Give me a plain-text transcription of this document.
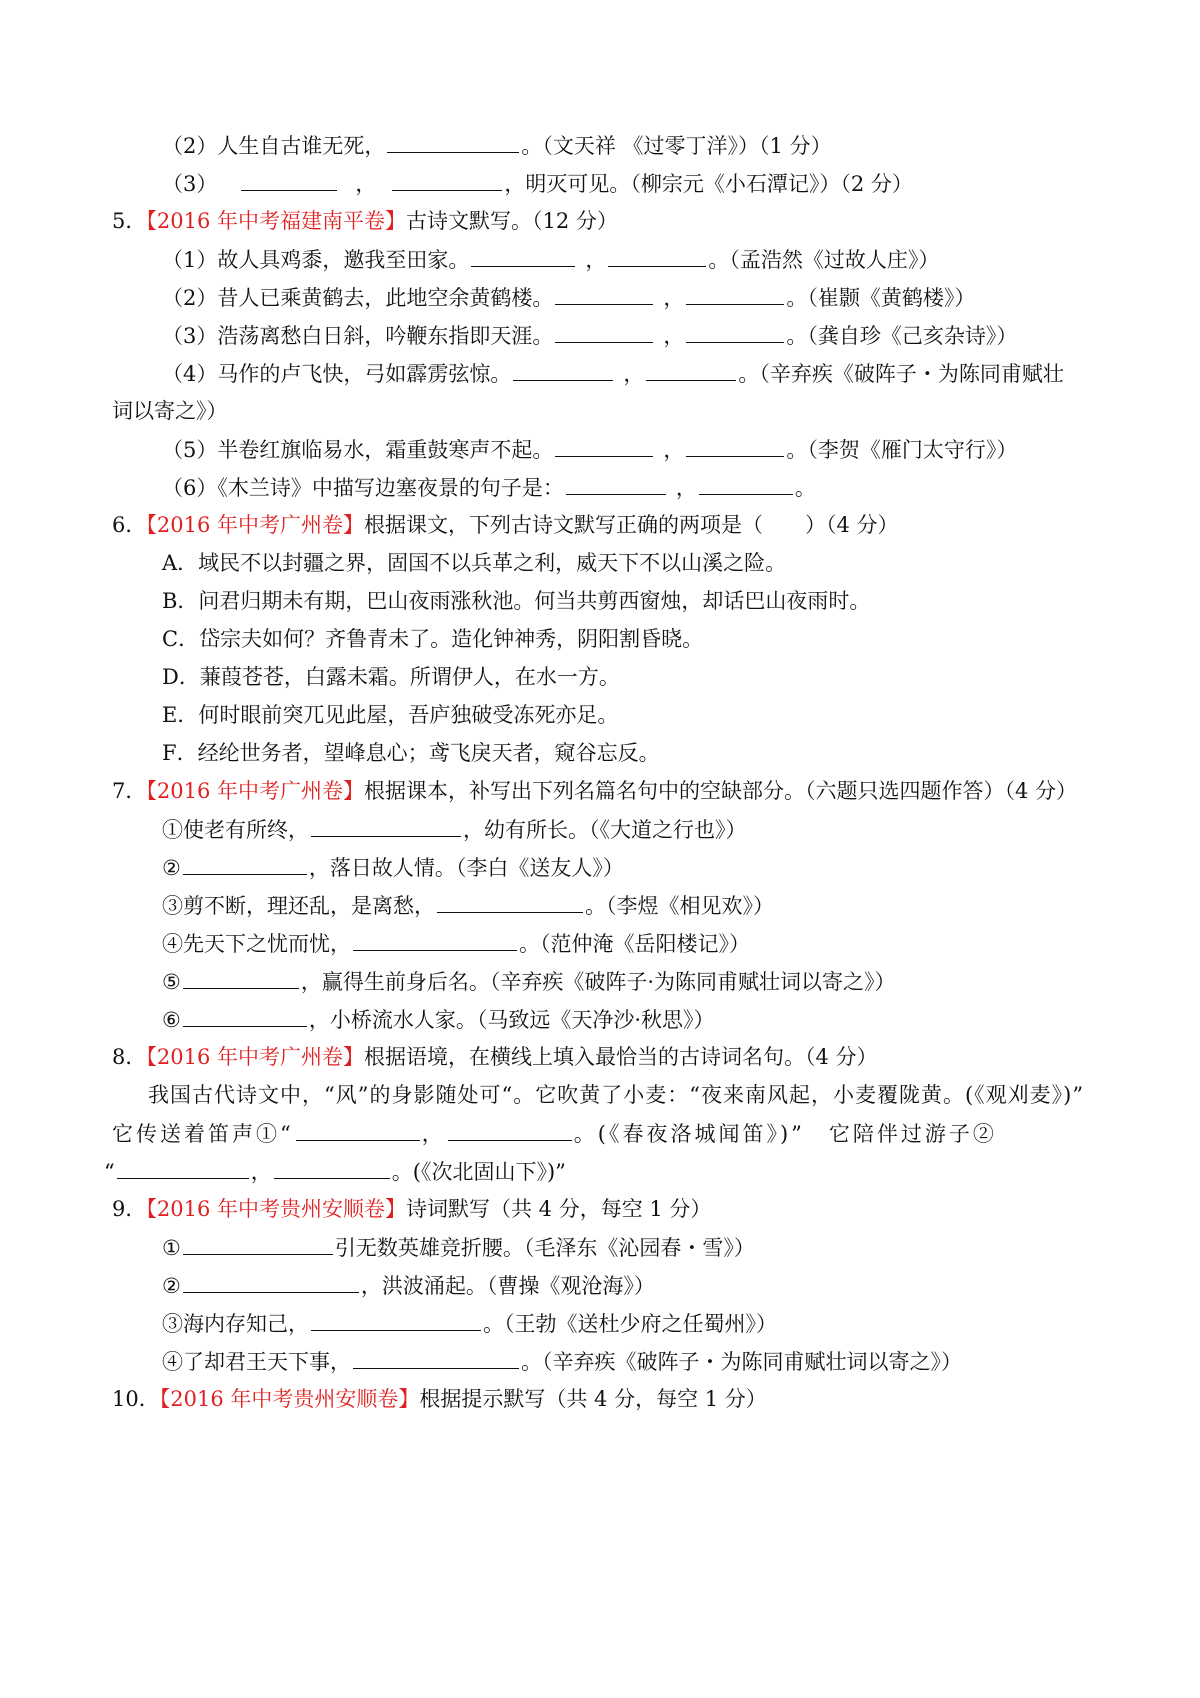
（2）人生自古谁无死，	。（文天祥 《过零丁洋》）（1 分）
（3）	，	，明灭可见。（柳宗元《小石潭记》）（2 分）
5．【2016 年中考福建南平卷】古诗文默写。（12 分）
（1）故人具鸡黍，邀我至田家。	，	。（孟浩然《过故人庄》）
（2）昔人已乘黄鹤去，此地空余黄鹤楼。	，	。（崔颢《黄鹤楼》）
（3）浩荡离愁白日斜，吟鞭东指即天涯。	，	。（龚自珍《己亥杂诗》）
（4）马作的卢飞快，弓如霹雳弦惊。	，	。（辛弃疾《破阵子・为陈同甫赋壮
词以寄之》）
（5）半卷红旗临易水，霜重鼓寒声不起。	，	。（李贺《雁门太守行》）
（6）《木兰诗》中描写边塞夜景的句子是：	，	。
6．【2016 年中考广州卷】根据课文，下列古诗文默写正确的两项是（　　）（4 分）
A．域民不以封疆之界，固国不以兵革之利，威天下不以山溪之险。
B．问君归期未有期，巴山夜雨涨秋池。何当共剪西窗烛，却话巴山夜雨时。
C．岱宗夫如何？齐鲁青未了。造化钟神秀，阴阳割昏晓。
D．蒹葭苍苍，白露未霜。所谓伊人，在水一方。
E．何时眼前突兀见此屋，吾庐独破受冻死亦足。
F．经纶世务者，望峰息心；鸢飞戾天者，窥谷忘反。
7．【2016 年中考广州卷】根据课本，补写出下列名篇名句中的空缺部分。（六题只选四题作答）（4 分）
①使老有所终，	，幼有所长。（《大道之行也》）
②	，落日故人情。（李白《送友人》）
③剪不断，理还乱，是离愁，	。（李煜《相见欢》）
④先天下之忧而忧，	。（范仲淹《岳阳楼记》）
⑤	，赢得生前身后名。（辛弃疾《破阵子·为陈同甫赋壮词以寄之》）
⑥	，小桥流水人家。（马致远《天净沙·秋思》）
8．【2016 年中考广州卷】根据语境，在横线上填入最恰当的古诗词名句。（4 分）
我国古代诗文中，“风”的身影随处可“。它吹黄了小麦：“夜来南风起，小麦覆陇黄。(《观刈麦》)”
它传送着笛声①“	，	。(《春夜洛城闻笛》)”　它陪伴过游子②
“	，	。(《次北固山下》)”
9．【2016 年中考贵州安顺卷】诗词默写（共 4 分，每空 1 分）
①	引无数英雄竞折腰。（毛泽东《沁园春・雪》）
②	，洪波涌起。（曹操《观沧海》）
③海内存知己，	。（王勃《送杜少府之任蜀州》）
④了却君王天下事，	。（辛弃疾《破阵子・为陈同甫赋壮词以寄之》）
10．【2016 年中考贵州安顺卷】根据提示默写（共 4 分，每空 1 分）
